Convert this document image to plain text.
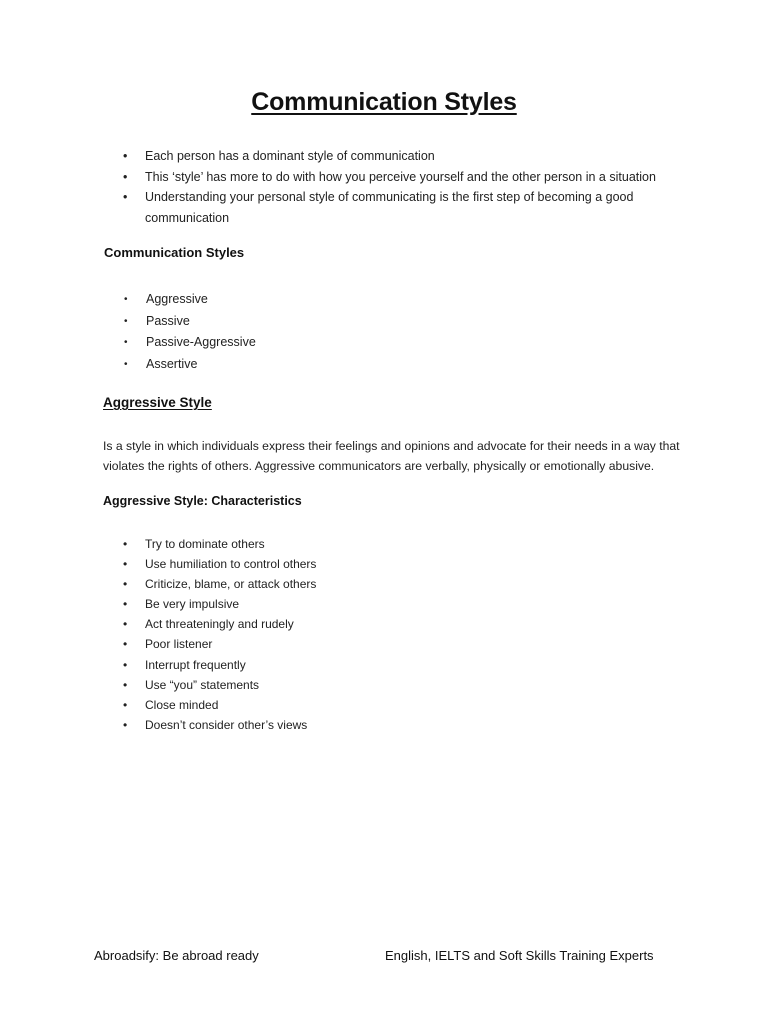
Communication Styles
• Each person has a dominant style of communication
• This ‘style’ has more to do with how you perceive yourself and the other person in a situation
• Understanding your personal style of communicating is the first step of becoming a good communication
Communication Styles
• Aggressive
• Passive
• Passive-Aggressive
• Assertive
Aggressive Style

Is a style in which individuals express their feelings and opinions and advocate for their needs in a way that violates the rights of others. Aggressive communicators are verbally, physically or emotionally abusive.

Aggressive Style: Characteristics
• Try to dominate others
• Use humiliation to control others
• Criticize, blame, or attack others
• Be very impulsive
• Act threateningly and rudely
• Poor listener
• Interrupt frequently
• Use “you” statements
• Close minded
• Doesn’t consider other’s views
Abroadsify: Be abroad ready	English, IELTS and Soft Skills Training Experts
